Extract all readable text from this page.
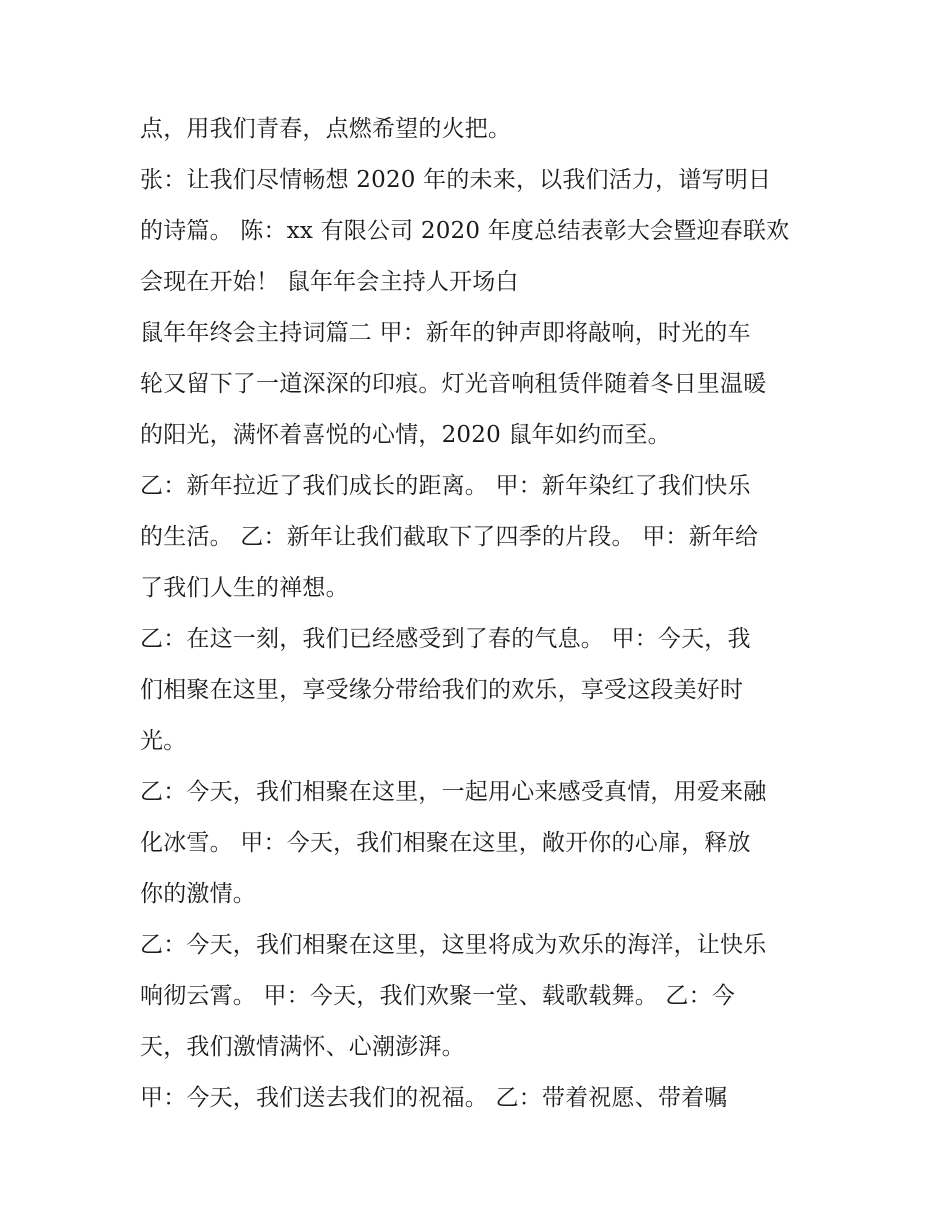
点，用我们青春，点燃希望的火把。
张：让我们尽情畅想 2020 年的未来，以我们活力，谱写明日
的诗篇。 陈：xx 有限公司 2020 年度总结表彰大会暨迎春联欢
会现在开始！ 鼠年年会主持人开场白
鼠年年终会主持词篇二 甲：新年的钟声即将敲响，时光的车
轮又留下了一道深深的印痕。灯光音响租赁伴随着冬日里温暖
的阳光，满怀着喜悦的心情，2020 鼠年如约而至。
乙：新年拉近了我们成长的距离。 甲：新年染红了我们快乐
的生活。 乙：新年让我们截取下了四季的片段。 甲：新年给
了我们人生的禅想。
乙：在这一刻，我们已经感受到了春的气息。 甲：今天，我
们相聚在这里，享受缘分带给我们的欢乐，享受这段美好时
光。
乙：今天，我们相聚在这里，一起用心来感受真情，用爱来融
化冰雪。 甲：今天，我们相聚在这里，敞开你的心扉，释放
你的激情。
乙：今天，我们相聚在这里，这里将成为欢乐的海洋，让快乐
响彻云霄。 甲：今天，我们欢聚一堂、载歌载舞。 乙：今
天，我们激情满怀、心潮澎湃。
甲：今天，我们送去我们的祝福。 乙：带着祝愿、带着嘱
